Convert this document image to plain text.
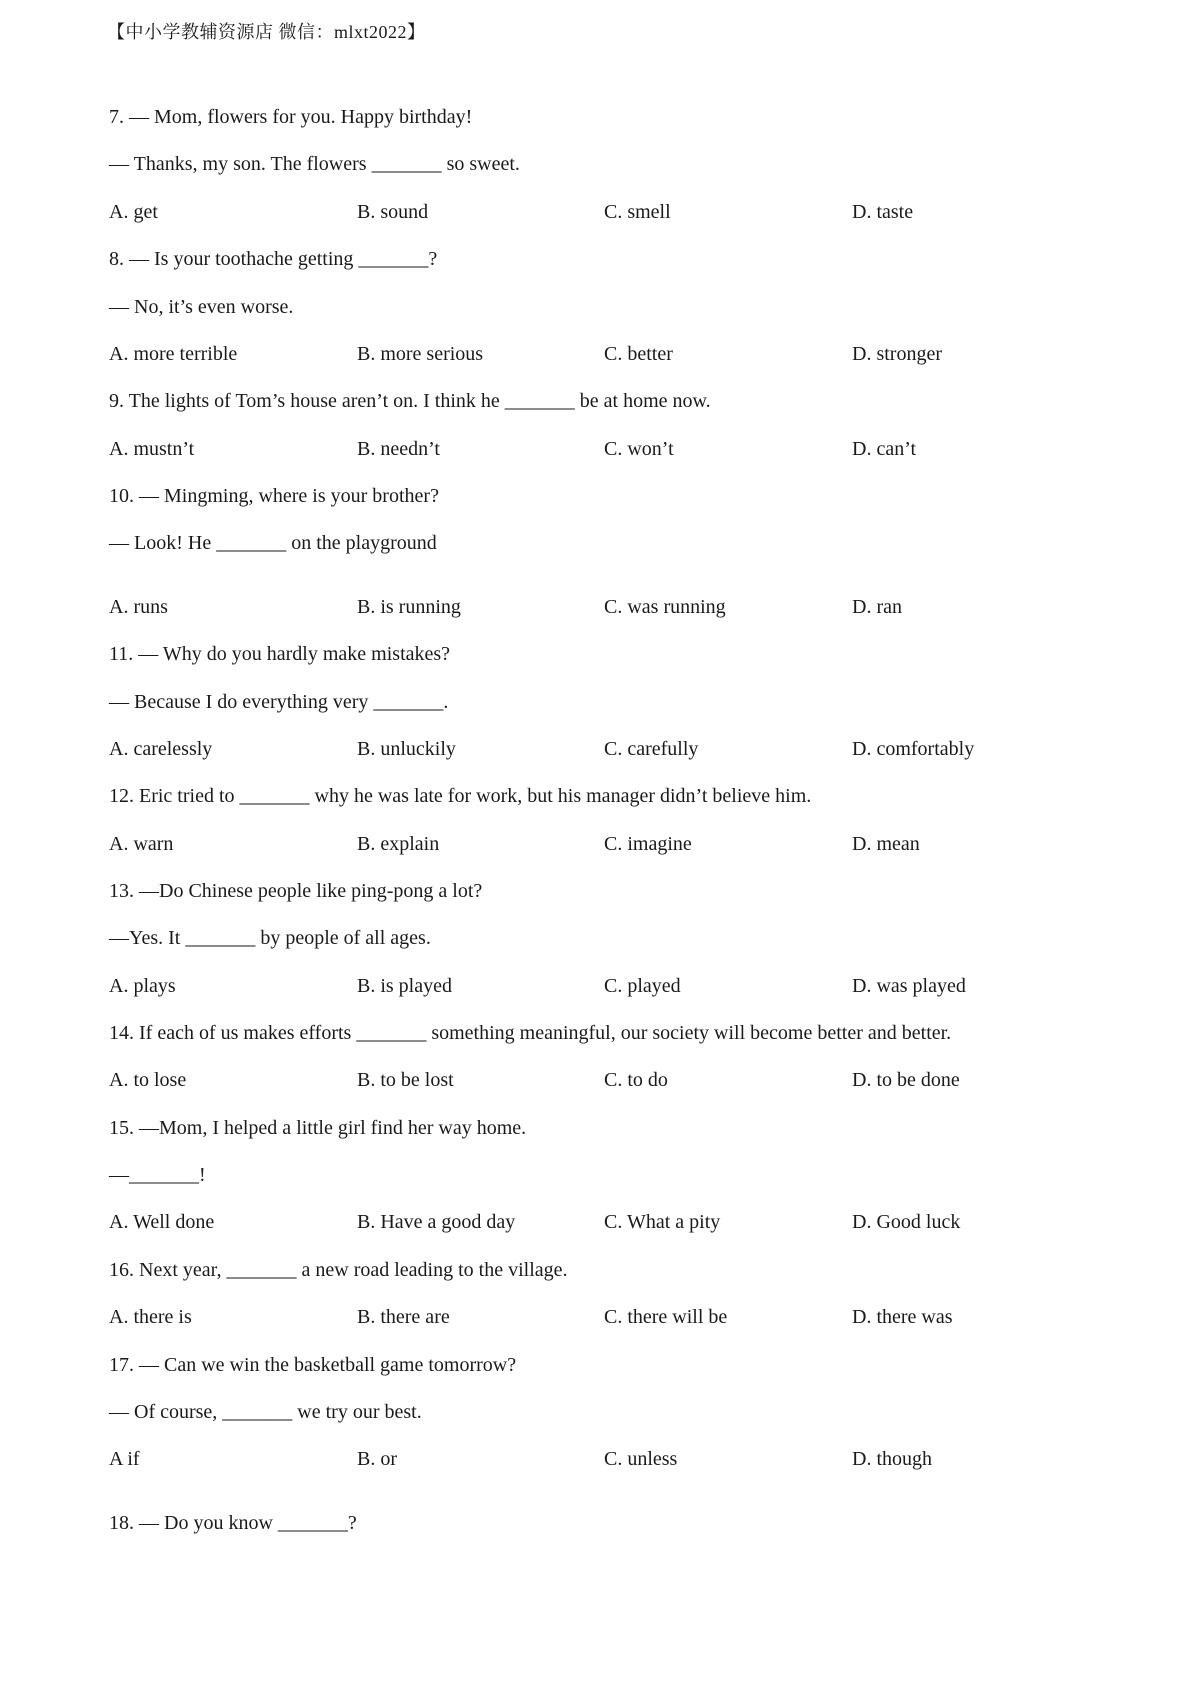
【中小学教辅资源店 微信：mlxt2022】
7. — Mom, flowers for you. Happy birthday!
— Thanks, my son. The flowers _______ so sweet.
A. get	B. sound	C. smell	D. taste
8. — Is your toothache getting _______?
— No, it’s even worse.
A. more terrible	B. more serious	C. better	D. stronger
9. The lights of Tom’s house aren’t on. I think he _______ be at home now.
A. mustn’t	B. needn’t	C. won’t	D. can’t
10. — Mingming, where is your brother?
— Look! He _______ on the playground
A. runs	B. is running	C. was running	D. ran
11. — Why do you hardly make mistakes?
— Because I do everything very _______.
A. carelessly	B. unluckily	C. carefully	D. comfortably
12. Eric tried to _______ why he was late for work, but his manager didn’t believe him.
A. warn	B. explain	C. imagine	D. mean
13. —Do Chinese people like ping-pong a lot?
—Yes. It _______ by people of all ages.
A. plays	B. is played	C. played	D. was played
14. If each of us makes efforts _______ something meaningful, our society will become better and better.
A. to lose	B. to be lost	C. to do	D. to be done
15. —Mom, I helped a little girl find her way home.
—_______!
A. Well done	B. Have a good day	C. What a pity	D. Good luck
16. Next year, _______ a new road leading to the village.
A. there is	B. there are	C. there will be	D. there was
17. — Can we win the basketball game tomorrow?
— Of course, _______ we try our best.
A if	B. or	C. unless	D. though
18. — Do you know _______?
